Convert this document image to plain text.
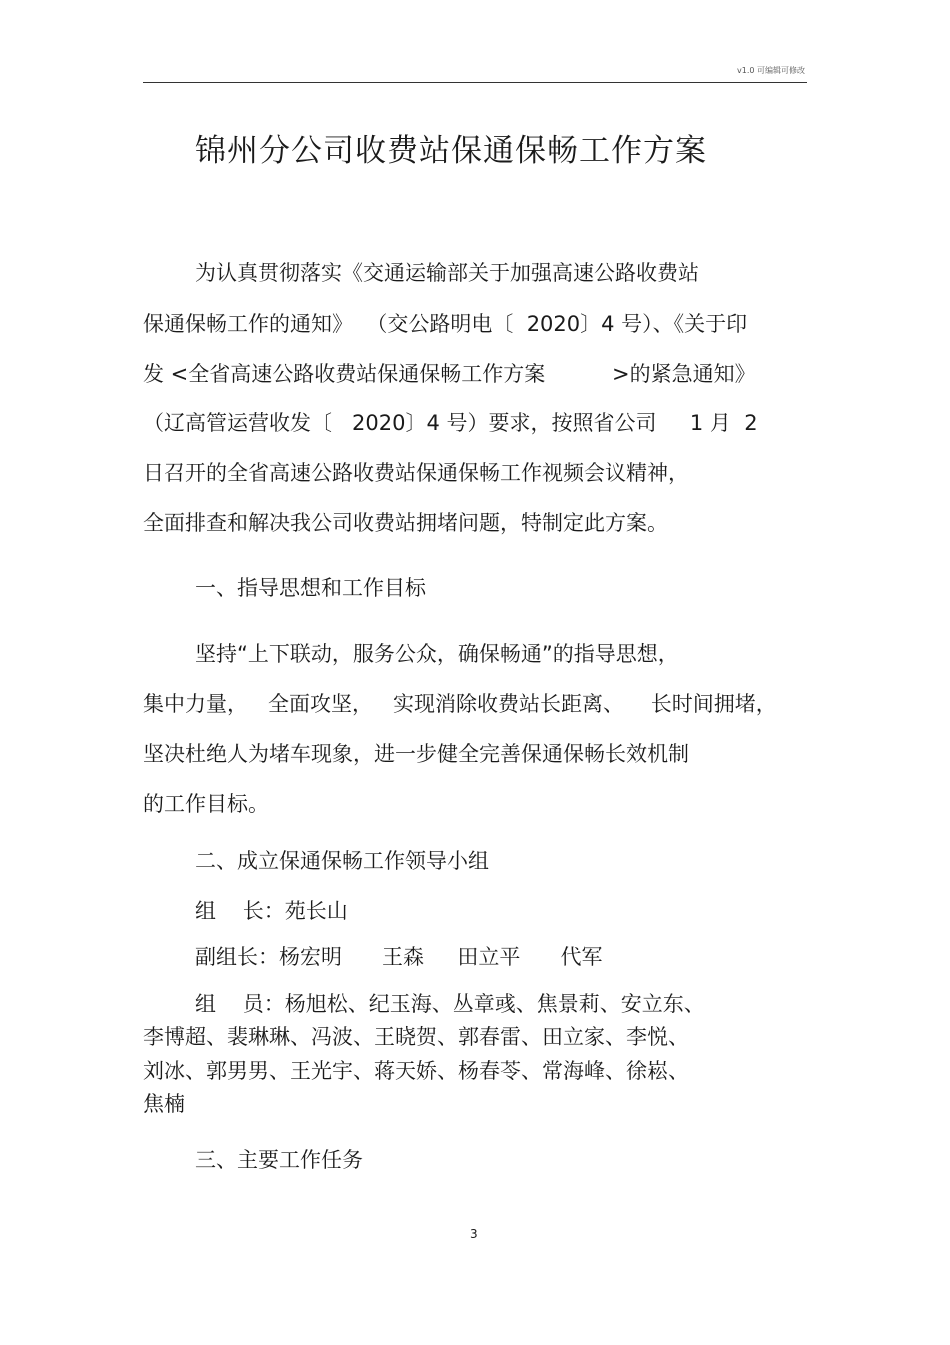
v1.0 可编辑可修改
锦州分公司收费站保通保畅工作方案
为认真贯彻落实《交通运输部关于加强高速公路收费站
保通保畅工作的通知》  （交公路明电〔  2020〕4 号）、《关于印
发 <全省高速公路收费站保通保畅工作方案          >的紧急通知》
（辽高管运营收发〔   2020〕4 号）要求，按照省公司     1 月  2
日召开的全省高速公路收费站保通保畅工作视频会议精神，
全面排查和解决我公司收费站拥堵问题，特制定此方案。
一、指导思想和工作目标
坚持“上下联动，服务公众，确保畅通”的指导思想，
集中力量，   全面攻坚，   实现消除收费站长距离、    长时间拥堵，
坚决杜绝人为堵车现象，进一步健全完善保通保畅长效机制
的工作目标。
二、成立保通保畅工作领导小组
组    长：苑长山
副组长：杨宏明      王森     田立平      代军
组    员：杨旭松、纪玉海、丛章彧、焦景莉、安立东、
李博超、裴琳琳、冯波、王晓贺、郭春雷、田立家、李悦、
刘冰、郭男男、王光宇、蒋天娇、杨春苓、常海峰、徐崧、
焦楠
三、主要工作任务
3
